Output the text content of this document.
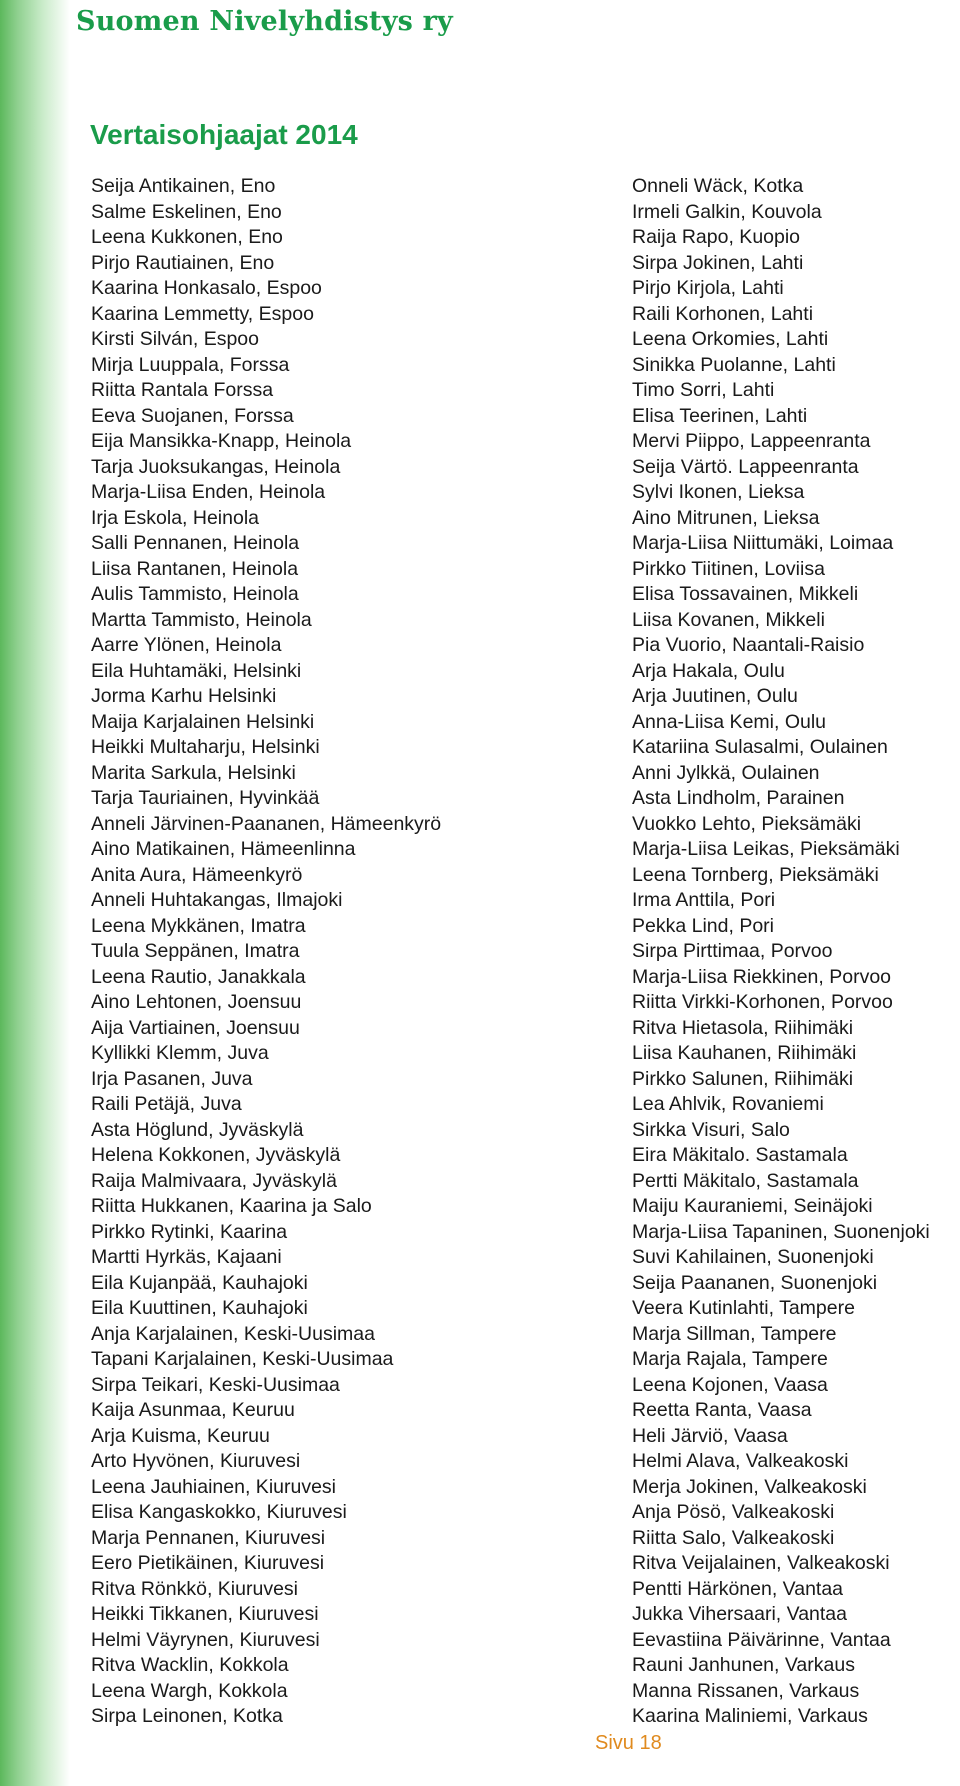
Suomen Nivelyhdistys ry
Vertaisohjaajat 2014
Seija Antikainen, Eno
Salme Eskelinen, Eno
Leena Kukkonen, Eno
Pirjo Rautiainen, Eno
Kaarina Honkasalo, Espoo
Kaarina Lemmetty, Espoo
Kirsti Silván, Espoo
Mirja Luuppala, Forssa
Riitta Rantala Forssa
Eeva Suojanen, Forssa
Eija Mansikka-Knapp, Heinola
Tarja Juoksukangas, Heinola
Marja-Liisa Enden, Heinola
Irja Eskola, Heinola
Salli Pennanen, Heinola
Liisa Rantanen, Heinola
Aulis Tammisto, Heinola
Martta Tammisto, Heinola
Aarre Ylönen, Heinola
Eila Huhtamäki, Helsinki
Jorma Karhu Helsinki
Maija Karjalainen Helsinki
Heikki Multaharju, Helsinki
Marita Sarkula, Helsinki
Tarja Tauriainen, Hyvinkää
Anneli Järvinen-Paananen, Hämeenkyrö
Aino Matikainen, Hämeenlinna
Anita Aura, Hämeenkyrö
Anneli Huhtakangas, Ilmajoki
Leena Mykkänen, Imatra
Tuula Seppänen, Imatra
Leena Rautio, Janakkala
Aino Lehtonen, Joensuu
Aija Vartiainen, Joensuu
Kyllikki Klemm, Juva
Irja Pasanen, Juva
Raili Petäjä, Juva
Asta Höglund, Jyväskylä
Helena Kokkonen, Jyväskylä
Raija Malmivaara, Jyväskylä
Riitta Hukkanen, Kaarina ja Salo
Pirkko Rytinki, Kaarina
Martti Hyrkäs, Kajaani
Eila Kujanpää, Kauhajoki
Eila Kuuttinen, Kauhajoki
Anja Karjalainen, Keski-Uusimaa
Tapani Karjalainen, Keski-Uusimaa
Sirpa Teikari, Keski-Uusimaa
Kaija Asunmaa, Keuruu
Arja Kuisma, Keuruu
Arto Hyvönen, Kiuruvesi
Leena Jauhiainen, Kiuruvesi
Elisa Kangaskokko, Kiuruvesi
Marja Pennanen, Kiuruvesi
Eero Pietikäinen, Kiuruvesi
Ritva Rönkkö, Kiuruvesi
Heikki Tikkanen, Kiuruvesi
Helmi Väyrynen, Kiuruvesi
Ritva Wacklin, Kokkola
Leena Wargh, Kokkola
Sirpa Leinonen, Kotka
Onneli Wäck, Kotka
Irmeli Galkin, Kouvola
Raija Rapo, Kuopio
Sirpa Jokinen, Lahti
Pirjo Kirjola, Lahti
Raili Korhonen, Lahti
Leena Orkomies, Lahti
Sinikka Puolanne, Lahti
Timo Sorri, Lahti
Elisa Teerinen, Lahti
Mervi Piippo, Lappeenranta
Seija Värtö. Lappeenranta
Sylvi Ikonen, Lieksa
Aino Mitrunen, Lieksa
Marja-Liisa Niittumäki, Loimaa
Pirkko Tiitinen, Loviisa
Elisa Tossavainen, Mikkeli
Liisa Kovanen, Mikkeli
Pia Vuorio, Naantali-Raisio
Arja Hakala, Oulu
Arja Juutinen, Oulu
Anna-Liisa Kemi, Oulu
Katariina Sulasalmi, Oulainen
Anni Jylkkä, Oulainen
Asta Lindholm, Parainen
Vuokko Lehto, Pieksämäki
Marja-Liisa Leikas, Pieksämäki
Leena Tornberg, Pieksämäki
Irma Anttila, Pori
Pekka Lind, Pori
Sirpa Pirttimaa, Porvoo
Marja-Liisa Riekkinen, Porvoo
Riitta Virkki-Korhonen, Porvoo
Ritva Hietasola, Riihimäki
Liisa Kauhanen, Riihimäki
Pirkko Salunen, Riihimäki
Lea Ahlvik, Rovaniemi
Sirkka Visuri, Salo
Eira Mäkitalo. Sastamala
Pertti Mäkitalo, Sastamala
Maiju Kauraniemi, Seinäjoki
Marja-Liisa Tapaninen, Suonenjoki
Suvi Kahilainen, Suonenjoki
Seija Paananen, Suonenjoki
Veera Kutinlahti, Tampere
Marja Sillman, Tampere
Marja Rajala, Tampere
Leena Kojonen, Vaasa
Reetta Ranta, Vaasa
Heli Järviö, Vaasa
Helmi Alava, Valkeakoski
Merja Jokinen, Valkeakoski
Anja Pösö, Valkeakoski
Riitta Salo, Valkeakoski
Ritva Veijalainen, Valkeakoski
Pentti Härkönen, Vantaa
Jukka Vihersaari, Vantaa
Eevastiina Päivärinne, Vantaa
Rauni Janhunen, Varkaus
Manna Rissanen, Varkaus
Kaarina Maliniemi, Varkaus

Sivu 18
